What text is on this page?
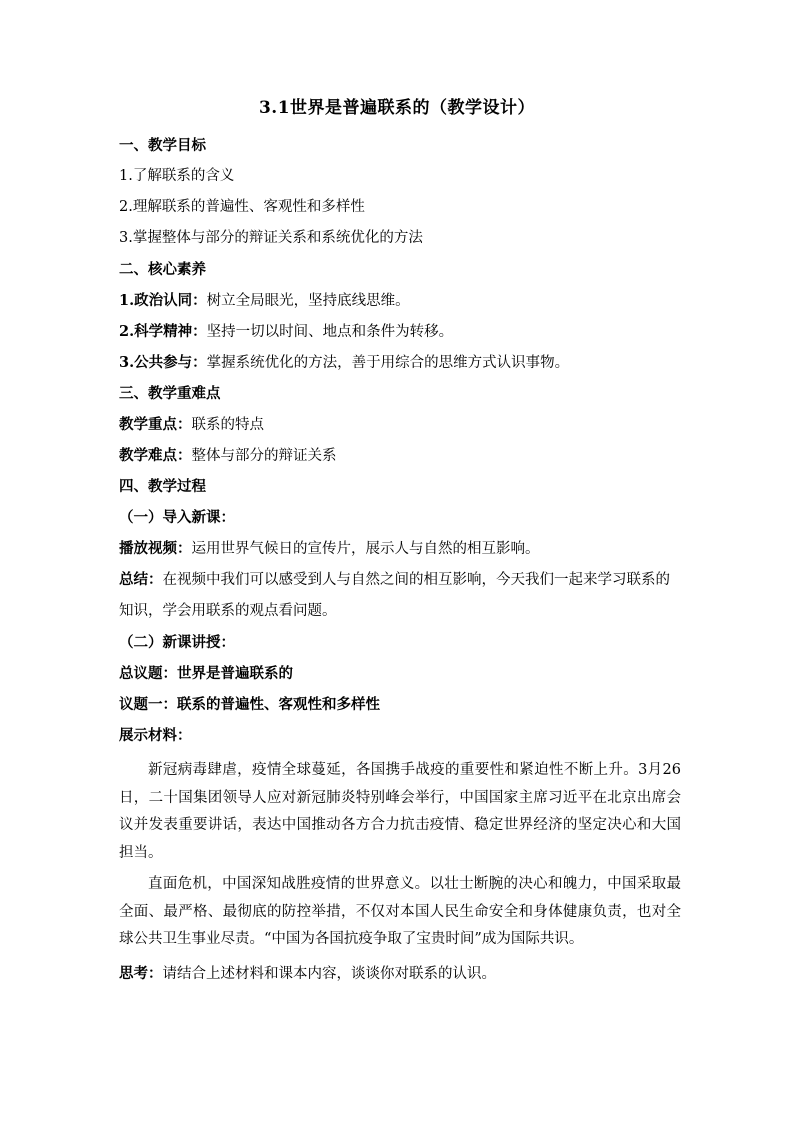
3.1世界是普遍联系的（教学设计）
一、教学目标
1.了解联系的含义
2.理解联系的普遍性、客观性和多样性
3.掌握整体与部分的辩证关系和系统优化的方法
二、核心素养
1.政治认同：树立全局眼光，坚持底线思维。
2.科学精神：坚持一切以时间、地点和条件为转移。
3.公共参与：掌握系统优化的方法，善于用综合的思维方式认识事物。
三、教学重难点
教学重点：联系的特点
教学难点：整体与部分的辩证关系
四、教学过程
（一）导入新课：
播放视频：运用世界气候日的宣传片，展示人与自然的相互影响。
总结：在视频中我们可以感受到人与自然之间的相互影响，今天我们一起来学习联系的知识，学会用联系的观点看问题。
（二）新课讲授：
总议题：世界是普遍联系的
议题一：联系的普遍性、客观性和多样性
展示材料：
新冠病毒肆虐，疫情全球蔓延，各国携手战疫的重要性和紧迫性不断上升。3月26日，二十国集团领导人应对新冠肺炎特别峰会举行，中国国家主席习近平在北京出席会议并发表重要讲话，表达中国推动各方合力抗击疫情、稳定世界经济的坚定决心和大国担当。
直面危机，中国深知战胜疫情的世界意义。以壮士断腕的决心和魄力，中国采取最全面、最严格、最彻底的防控举措，不仅对本国人民生命安全和身体健康负责，也对全球公共卫生事业尽责。“中国为各国抗疫争取了宝贵时间”成为国际共识。
思考：请结合上述材料和课本内容，谈谈你对联系的认识。
